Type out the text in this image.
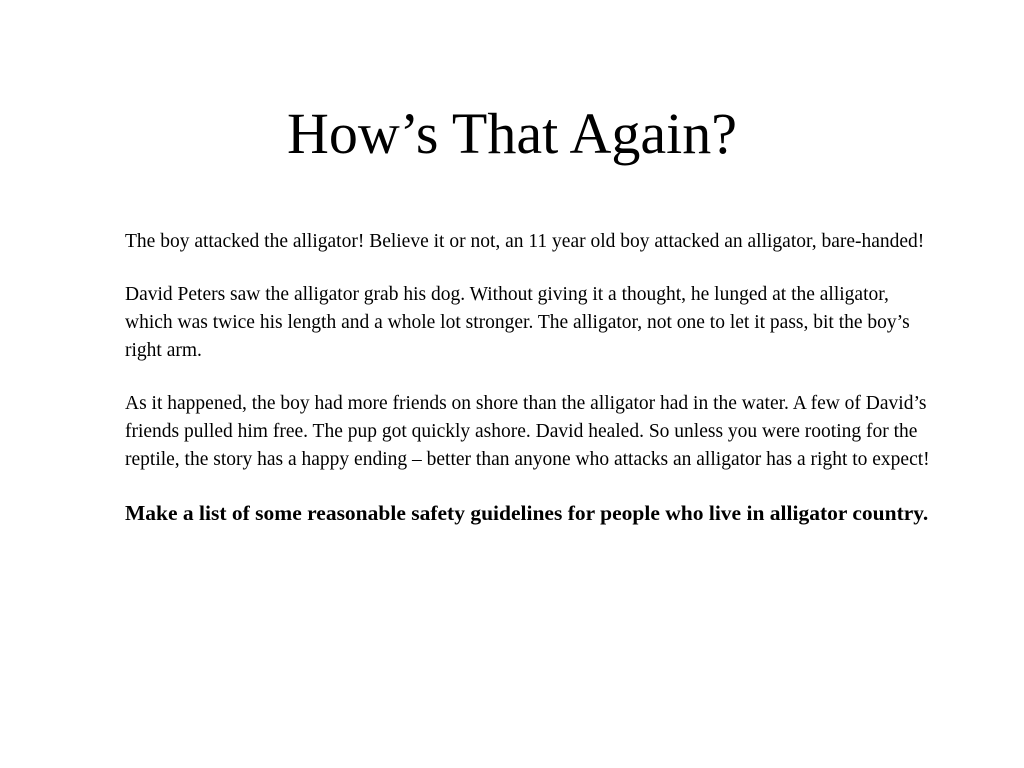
How’s That Again?

The boy attacked the alligator! Believe it or not, an 11 year old boy attacked an alligator, bare-handed!

David Peters saw the alligator grab his dog. Without giving it a thought, he lunged at the alligator, which was twice his length and a whole lot stronger. The alligator, not one to let it pass, bit the boy’s right arm.

As it happened, the boy had more friends on shore than the alligator had in the water. A few of David’s friends pulled him free. The pup got quickly ashore. David healed. So unless you were rooting for the reptile, the story has a happy ending – better than anyone who attacks an alligator has a right to expect!

Make a list of some reasonable safety guidelines for people who live in alligator country.
